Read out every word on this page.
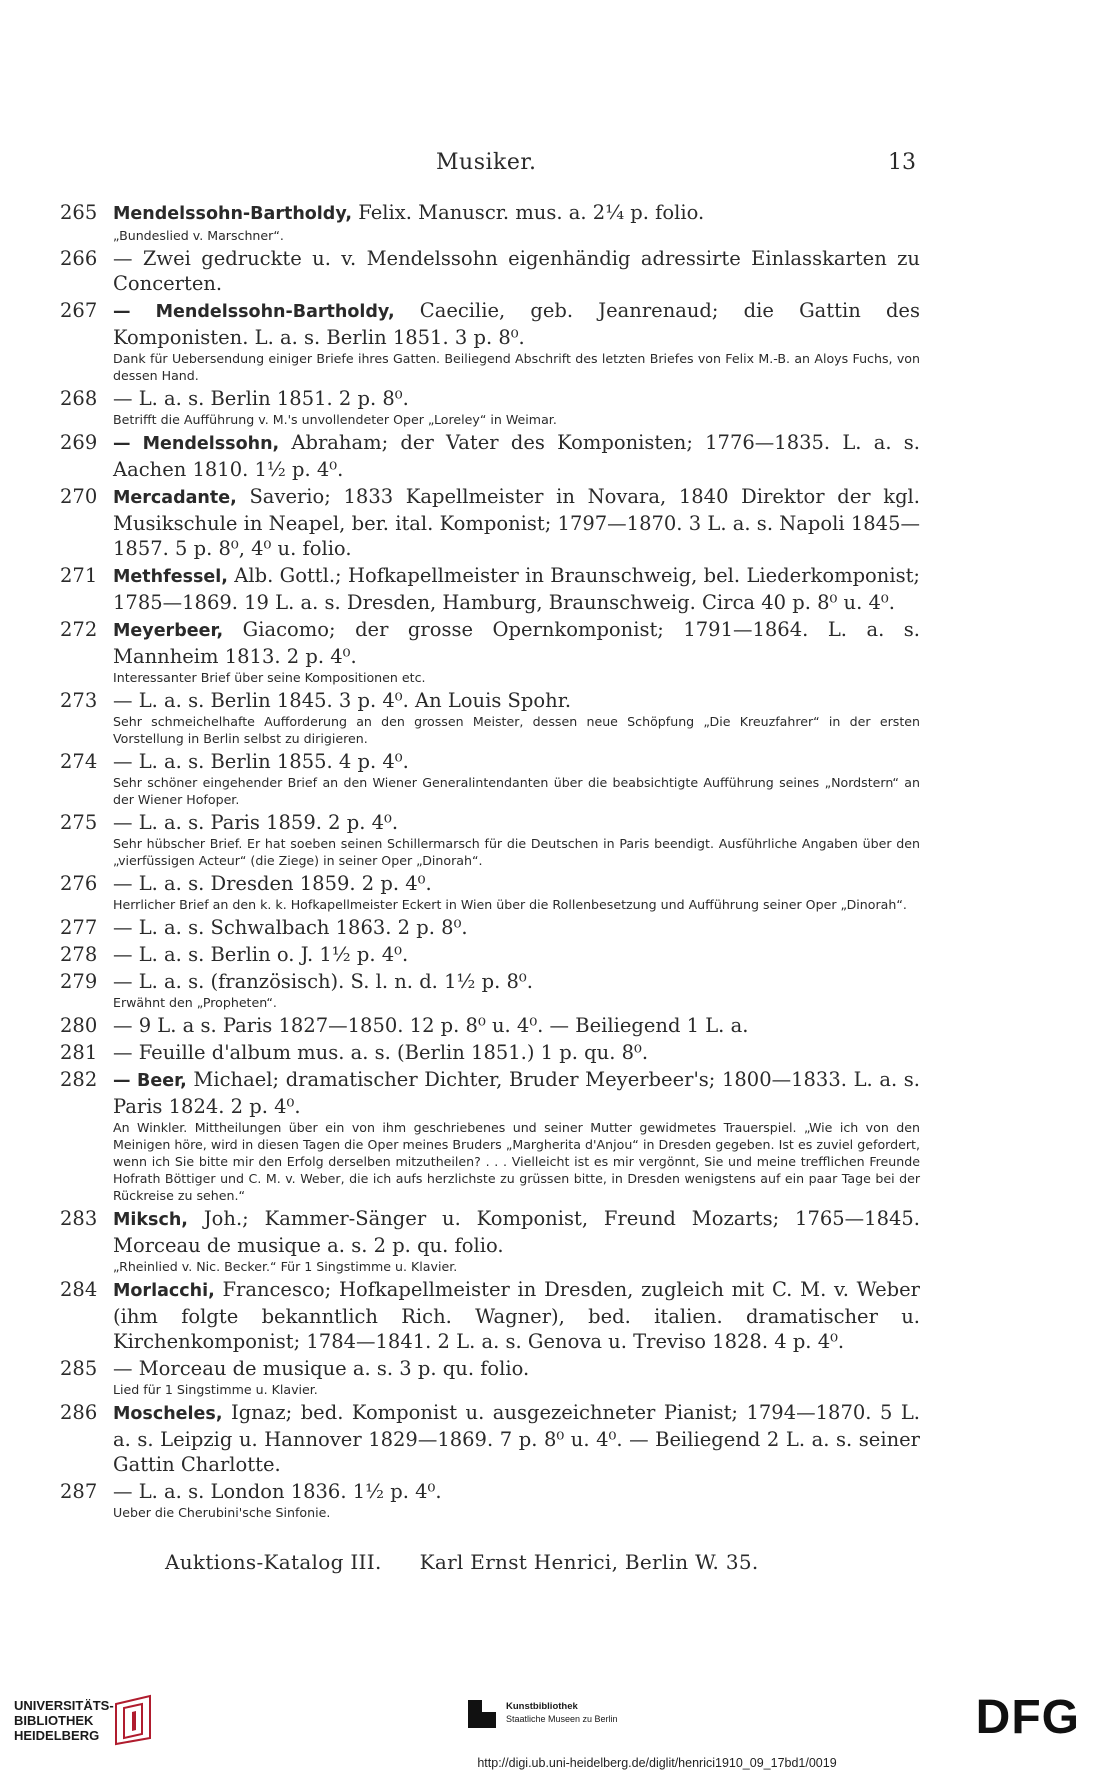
Musiker.	13
265 Mendelssohn-Bartholdy, Felix. Manuscr. mus. a. 2¼ p. folio.
„Bundeslied v. Marschner“.
266 — Zwei gedruckte u. v. Mendelssohn eigenhändig adressirte Einlasskarten zu Concerten.
267 — Mendelssohn-Bartholdy, Caecilie, geb. Jeanrenaud; die Gattin des Komponisten. L. a. s. Berlin 1851. 3 p. 8⁰.
Dank für Uebersendung einiger Briefe ihres Gatten. Beiliegend Abschrift des letzten Briefes von Felix M.-B. an Aloys Fuchs, von dessen Hand.
268 — L. a. s. Berlin 1851. 2 p. 8⁰.
Betrifft die Aufführung v. M.'s unvollendeter Oper „Loreley“ in Weimar.
269 — Mendelssohn, Abraham; der Vater des Komponisten; 1776—1835. L. a. s. Aachen 1810. 1½ p. 4⁰.
270 Mercadante, Saverio; 1833 Kapellmeister in Novara, 1840 Direktor der kgl. Musikschule in Neapel, ber. ital. Komponist; 1797—1870. 3 L. a. s. Napoli 1845—1857. 5 p. 8⁰, 4⁰ u. folio.
271 Methfessel, Alb. Gottl.; Hofkapellmeister in Braunschweig, bel. Liederkomponist; 1785—1869. 19 L. a. s. Dresden, Hamburg, Braunschweig. Circa 40 p. 8⁰ u. 4⁰.
272 Meyerbeer, Giacomo; der grosse Opernkomponist; 1791—1864. L. a. s. Mannheim 1813. 2 p. 4⁰.
Interessanter Brief über seine Kompositionen etc.
273 — L. a. s. Berlin 1845. 3 p. 4⁰. An Louis Spohr.
Sehr schmeichelhafte Aufforderung an den grossen Meister, dessen neue Schöpfung „Die Kreuzfahrer“ in der ersten Vorstellung in Berlin selbst zu dirigieren.
274 — L. a. s. Berlin 1855. 4 p. 4⁰.
Sehr schöner eingehender Brief an den Wiener Generalintendanten über die beabsichtigte Aufführung seines „Nordstern“ an der Wiener Hofoper.
275 — L. a. s. Paris 1859. 2 p. 4⁰.
Sehr hübscher Brief. Er hat soeben seinen Schillermarsch für die Deutschen in Paris beendigt. Ausführliche Angaben über den „vierfüssigen Acteur“ (die Ziege) in seiner Oper „Dinorah“.
276 — L. a. s. Dresden 1859. 2 p. 4⁰.
Herrlicher Brief an den k. k. Hofkapellmeister Eckert in Wien über die Rollenbesetzung und Aufführung seiner Oper „Dinorah“.
277 — L. a. s. Schwalbach 1863. 2 p. 8⁰.
278 — L. a. s. Berlin o. J. 1½ p. 4⁰.
279 — L. a. s. (französisch). S. l. n. d. 1½ p. 8⁰.
Erwähnt den „Propheten“.
280 — 9 L. a s. Paris 1827—1850. 12 p. 8⁰ u. 4⁰. — Beiliegend 1 L. a.
281 — Feuille d'album mus. a. s. (Berlin 1851.) 1 p. qu. 8⁰.
282 — Beer, Michael; dramatischer Dichter, Bruder Meyerbeer's; 1800—1833. L. a. s. Paris 1824. 2 p. 4⁰.
An Winkler. Mittheilungen über ein von ihm geschriebenes und seiner Mutter gewidmetes Trauerspiel. „Wie ich von den Meinigen höre, wird in diesen Tagen die Oper meines Bruders „Margherita d'Anjou“ in Dresden gegeben. Ist es zuviel gefordert, wenn ich Sie bitte mir den Erfolg derselben mitzutheilen? . . . Vielleicht ist es mir vergönnt, Sie und meine trefflichen Freunde Hofrath Böttiger und C. M. v. Weber, die ich aufs herzlichste zu grüssen bitte, in Dresden wenigstens auf ein paar Tage bei der Rückreise zu sehen.“
283 Miksch, Joh.; Kammer-Sänger u. Komponist, Freund Mozarts; 1765—1845. Morceau de musique a. s. 2 p. qu. folio.
„Rheinlied v. Nic. Becker.“ Für 1 Singstimme u. Klavier.
284 Morlacchi, Francesco; Hofkapellmeister in Dresden, zugleich mit C. M. v. Weber (ihm folgte bekanntlich Rich. Wagner), bed. italien. dramatischer u. Kirchenkomponist; 1784—1841. 2 L. a. s. Genova u. Treviso 1828. 4 p. 4⁰.
285 — Morceau de musique a. s. 3 p. qu. folio.
Lied für 1 Singstimme u. Klavier.
286 Moscheles, Ignaz; bed. Komponist u. ausgezeichneter Pianist; 1794—1870. 5 L. a. s. Leipzig u. Hannover 1829—1869. 7 p. 8⁰ u. 4⁰. — Beiliegend 2 L. a. s. seiner Gattin Charlotte.
287 — L. a. s. London 1836. 1½ p. 4⁰.
Ueber die Cherubini'sche Sinfonie.
Auktions-Katalog III. Karl Ernst Henrici, Berlin W. 35.
UNIVERSITÄTS-
BIBLIOTHEK
HEIDELBERG
Kunstbibliothek
Staatliche Museen zu Berlin	DFG
http://digi.ub.uni-heidelberg.de/diglit/henrici1910_09_17bd1/0019
